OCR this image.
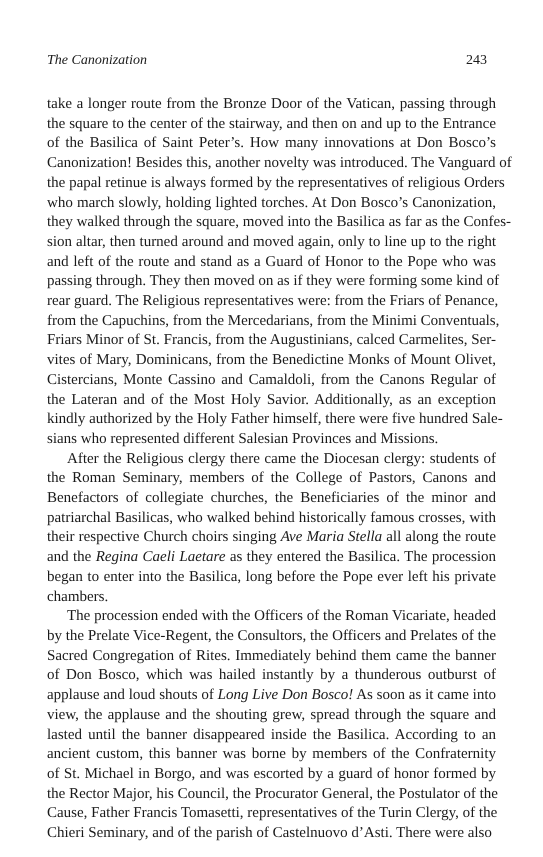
The Canonization	243

take a longer route from the Bronze Door of the Vatican, passing through
the square to the center of the stairway, and then on and up to the Entrance
of the Basilica of Saint Peter’s. How many innovations at Don Bosco’s
Canonization! Besides this, another novelty was introduced. The Vanguard of
the papal retinue is always formed by the representatives of religious Orders
who march slowly, holding lighted torches. At Don Bosco’s Canonization,
they walked through the square, moved into the Basilica as far as the Confes-
sion altar, then turned around and moved again, only to line up to the right
and left of the route and stand as a Guard of Honor to the Pope who was
passing through. They then moved on as if they were forming some kind of
rear guard. The Religious representatives were: from the Friars of Penance,
from the Capuchins, from the Mercedarians, from the Minimi Conventuals,
Friars Minor of St. Francis, from the Augustinians, calced Carmelites, Ser-
vites of Mary, Dominicans, from the Benedictine Monks of Mount Olivet,
Cistercians, Monte Cassino and Camaldoli, from the Canons Regular of
the Lateran and of the Most Holy Savior. Additionally, as an exception
kindly authorized by the Holy Father himself, there were five hundred Sale-
sians who represented different Salesian Provinces and Missions.

After the Religious clergy there came the Diocesan clergy: students of
the Roman Seminary, members of the College of Pastors, Canons and
Benefactors of collegiate churches, the Beneficiaries of the minor and
patriarchal Basilicas, who walked behind historically famous crosses, with
their respective Church choirs singing Ave Maria Stella all along the route
and the Regina Caeli Laetare as they entered the Basilica. The procession
began to enter into the Basilica, long before the Pope ever left his private
chambers.

The procession ended with the Officers of the Roman Vicariate, headed
by the Prelate Vice-Regent, the Consultors, the Officers and Prelates of the
Sacred Congregation of Rites. Immediately behind them came the banner
of Don Bosco, which was hailed instantly by a thunderous outburst of
applause and loud shouts of Long Live Don Bosco! As soon as it came into
view, the applause and the shouting grew, spread through the square and
lasted until the banner disappeared inside the Basilica. According to an
ancient custom, this banner was borne by members of the Confraternity
of St. Michael in Borgo, and was escorted by a guard of honor formed by
the Rector Major, his Council, the Procurator General, the Postulator of the
Cause, Father Francis Tomasetti, representatives of the Turin Clergy, of the
Chieri Seminary, and of the parish of Castelnuovo d’Asti. There were also
